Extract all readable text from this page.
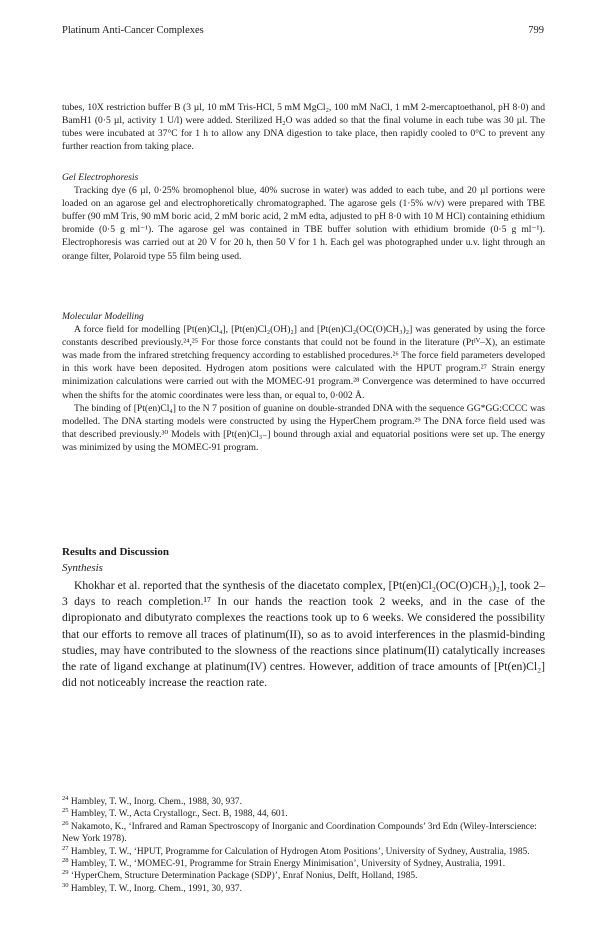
Platinum Anti-Cancer Complexes	799

tubes, 10X restriction buffer B (3 µl, 10 mM Tris-HCl, 5 mM MgCl₂, 100 mM NaCl, 1 mM 2-mercaptoethanol, pH 8·0) and BamH1 (0·5 µl, activity 1 U/l) were added. Sterilized H₂O was added so that the final volume in each tube was 30 µl. The tubes were incubated at 37°C for 1 h to allow any DNA digestion to take place, then rapidly cooled to 0°C to prevent any further reaction from taking place.

Gel Electrophoresis

Tracking dye (6 µl, 0·25% bromophenol blue, 40% sucrose in water) was added to each tube, and 20 µl portions were loaded on an agarose gel and electrophoretically chromatographed. The agarose gels (1·5% w/v) were prepared with TBE buffer (90 mM Tris, 90 mM boric acid, 2 mM boric acid, 2 mM edta, adjusted to pH 8·0 with 10 M HCl) containing ethidium bromide (0·5 g ml⁻¹). The agarose gel was contained in TBE buffer solution with ethidium bromide (0·5 g ml⁻¹). Electrophoresis was carried out at 20 V for 20 h, then 50 V for 1 h. Each gel was photographed under u.v. light through an orange filter, Polaroid type 55 film being used.

Molecular Modelling

A force field for modelling [Pt(en)Cl₄], [Pt(en)Cl₂(OH)₂] and [Pt(en)Cl₂(OC(O)CH₃)₂] was generated by using the force constants described previously.²⁴,²⁵ For those force constants that could not be found in the literature (Ptᴵⱽ–X), an estimate was made from the infrared stretching frequency according to established procedures.²⁶ The force field parameters developed in this work have been deposited. Hydrogen atom positions were calculated with the HPUT program.²⁷ Strain energy minimization calculations were carried out with the MOMEC-91 program.²⁸ Convergence was determined to have occurred when the shifts for the atomic coordinates were less than, or equal to, 0·002 Å.

The binding of [Pt(en)Cl₄] to the N 7 position of guanine on double-stranded DNA with the sequence GG*GG:CCCC was modelled. The DNA starting models were constructed by using the HyperChem program.²⁹ The DNA force field used was that described previously.³⁰ Models with [Pt(en)Cl₃₋] bound through axial and equatorial positions were set up. The energy was minimized by using the MOMEC-91 program.

Results and Discussion
Synthesis

Khokhar et al. reported that the synthesis of the diacetato complex, [Pt(en)Cl₂(OC(O)CH₃)₂], took 2–3 days to reach completion.¹⁷ In our hands the reaction took 2 weeks, and in the case of the dipropionato and dibutyrato complexes the reactions took up to 6 weeks. We considered the possibility that our efforts to remove all traces of platinum(II), so as to avoid interferences in the plasmid-binding studies, may have contributed to the slowness of the reactions since platinum(II) catalytically increases the rate of ligand exchange at platinum(IV) centres. However, addition of trace amounts of [Pt(en)Cl₂] did not noticeably increase the reaction rate.

$^{24}$ Hambley, T. W., Inorg. Chem., 1988, 30, 937.

$^{25}$ Hambley, T. W., Acta Crystallogr., Sect. B, 1988, 44, 601.

$^{26}$ Nakamoto, K., ‘Infrared and Raman Spectroscopy of Inorganic and Coordination Compounds’ 3rd Edn (Wiley-Interscience: New York 1978).

$^{27}$ Hambley, T. W., ‘HPUT, Programme for Calculation of Hydrogen Atom Positions’, University of Sydney, Australia, 1985.

$^{28}$ Hambley, T. W., ‘MOMEC-91, Programme for Strain Energy Minimisation’, University of Sydney, Australia, 1991.

$^{29}$ ‘HyperChem, Structure Determination Package (SDP)’, Enraf Nonius, Delft, Holland, 1985.

$^{30}$ Hambley, T. W., Inorg. Chem., 1991, 30, 937.
